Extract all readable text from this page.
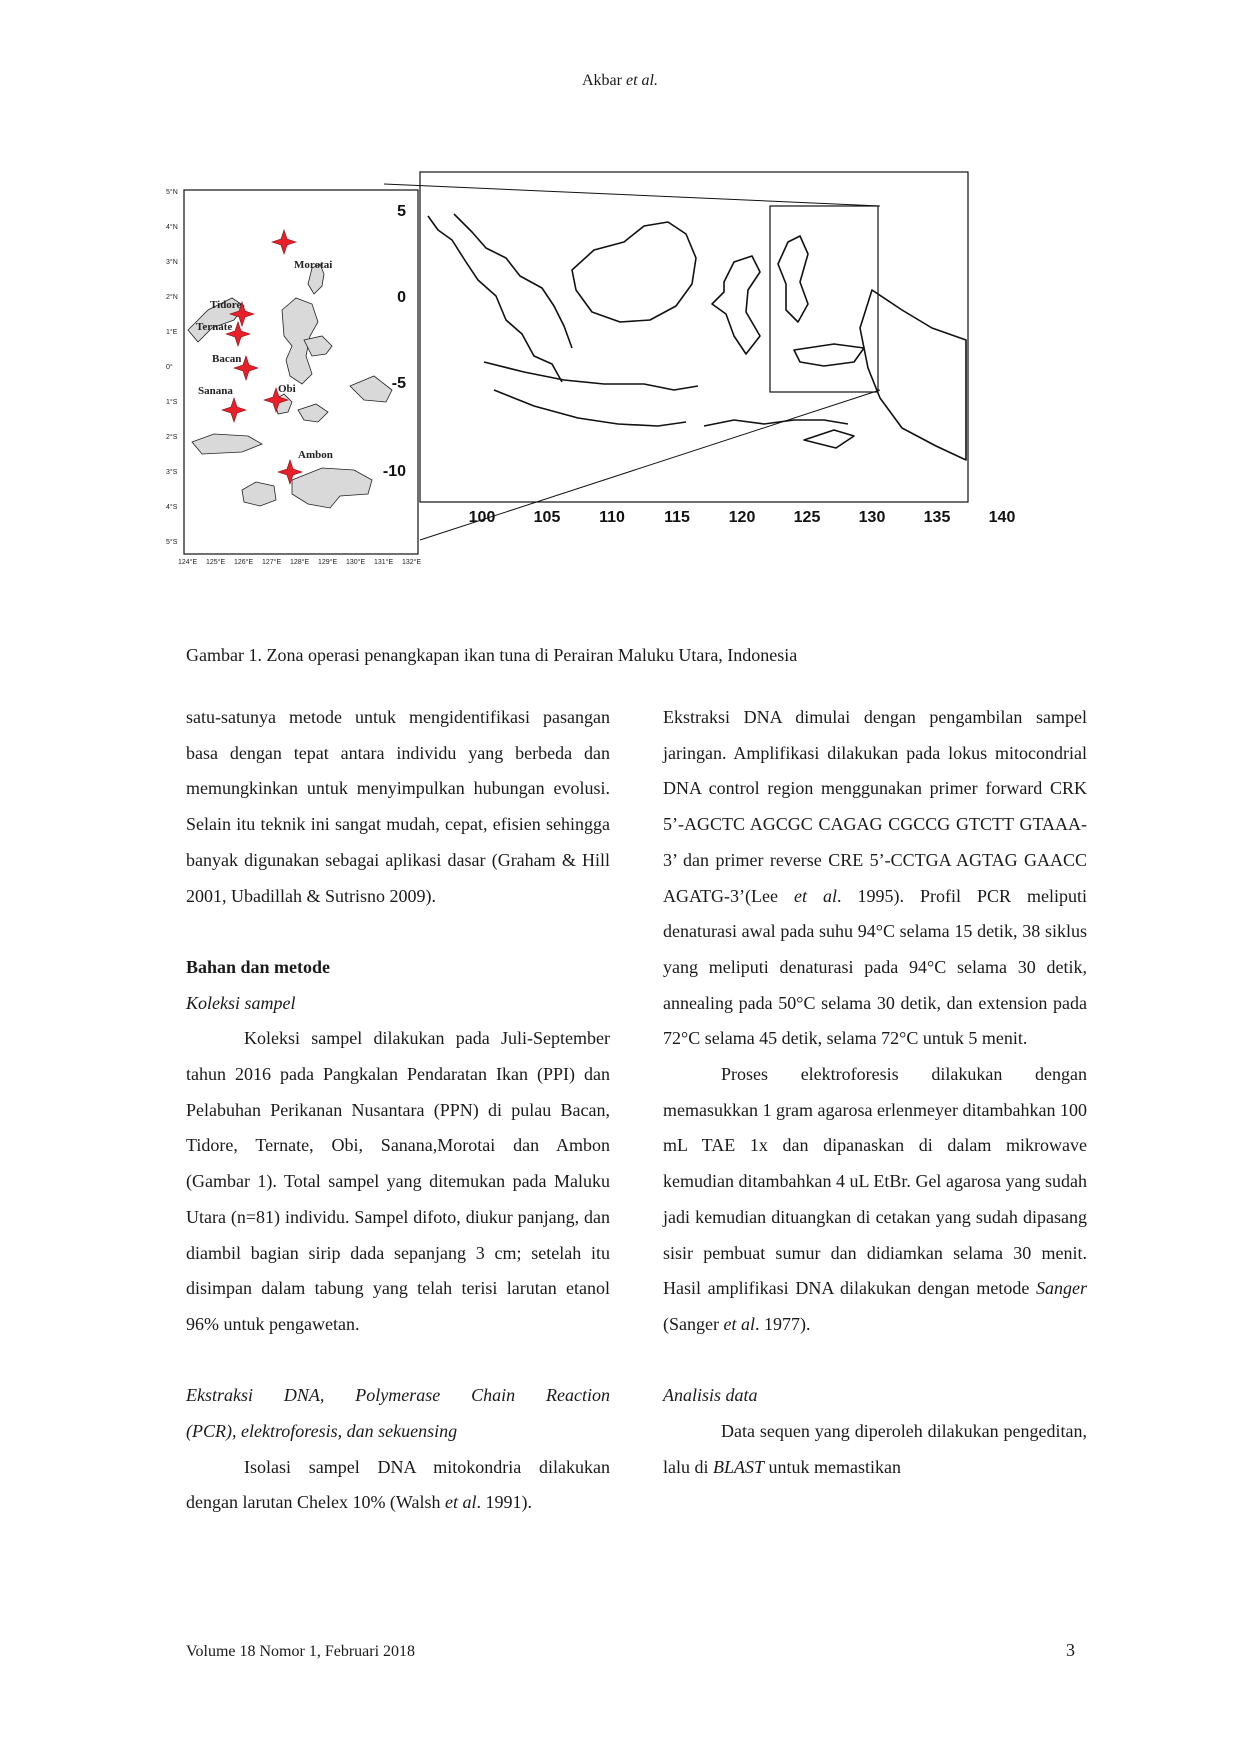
Akbar et al.
5°N
4°N
3°N
2°N
1°E
0°
1°S
2°S
3°S
4°S
5°S
124°E 125°E 126°E 127°E 128°E 129°E 130°E 131°E 132°E
Morotai
Tidore
Ternate
Bacan
Sanana	Obi
Ambon
5
0
-5
-10
100 105 110 115 120 125 130 135 140
Gambar 1. Zona operasi penangkapan ikan tuna di Perairan Maluku Utara, Indonesia

satu-satunya metode untuk mengidentifikasi pasangan basa dengan tepat antara individu yang berbeda dan memungkinkan untuk menyimpulkan hubungan evolusi. Selain itu teknik ini sangat mudah, cepat, efisien sehingga banyak digunakan sebagai aplikasi dasar (Graham & Hill 2001, Ubadillah & Sutrisno 2009).

Bahan dan metode

Koleksi sampel

Koleksi sampel dilakukan pada Juli-September tahun 2016 pada Pangkalan Pendaratan Ikan (PPI) dan Pelabuhan Perikanan Nusantara (PPN) di pulau Bacan, Tidore, Ternate, Obi, Sanana,Morotai dan Ambon (Gambar 1). Total sampel yang ditemukan pada Maluku Utara (n=81) individu. Sampel difoto, diukur panjang, dan diambil bagian sirip dada sepanjang 3 cm; setelah itu disimpan dalam tabung yang telah terisi larutan etanol 96% untuk pengawetan.

Ekstraksi DNA, Polymerase Chain Reaction

(PCR), elektroforesis, dan sekuensing

Isolasi sampel DNA mitokondria dilakukan dengan larutan Chelex 10% (Walsh et al. 1991).

Ekstraksi DNA dimulai dengan pengambilan sampel jaringan. Amplifikasi dilakukan pada lokus mitocondrial DNA control region menggunakan primer forward CRK 5’-AGCTC AGCGC CAGAG CGCCG GTCTT GTAAA-3’ dan primer reverse CRE 5’-CCTGA AGTAG GAACC AGATG-3’(Lee et al. 1995). Profil PCR meliputi denaturasi awal pada suhu 94°C selama 15 detik, 38 siklus yang meliputi denaturasi pada 94°C selama 30 detik, annealing pada 50°C selama 30 detik, dan extension pada 72°C selama 45 detik, selama 72°C untuk 5 menit.

Proses elektroforesis dilakukan dengan memasukkan 1 gram agarosa erlenmeyer ditambahkan 100 mL TAE 1x dan dipanaskan di dalam mikrowave kemudian ditambahkan 4 uL EtBr. Gel agarosa yang sudah jadi kemudian dituangkan di cetakan yang sudah dipasang sisir pembuat sumur dan didiamkan selama 30 menit. Hasil amplifikasi DNA dilakukan dengan metode Sanger (Sanger et al. 1977).

Analisis data

Data sequen yang diperoleh dilakukan pengeditan, lalu di BLAST untuk memastikan

Volume 18 Nomor 1, Februari 2018	3
